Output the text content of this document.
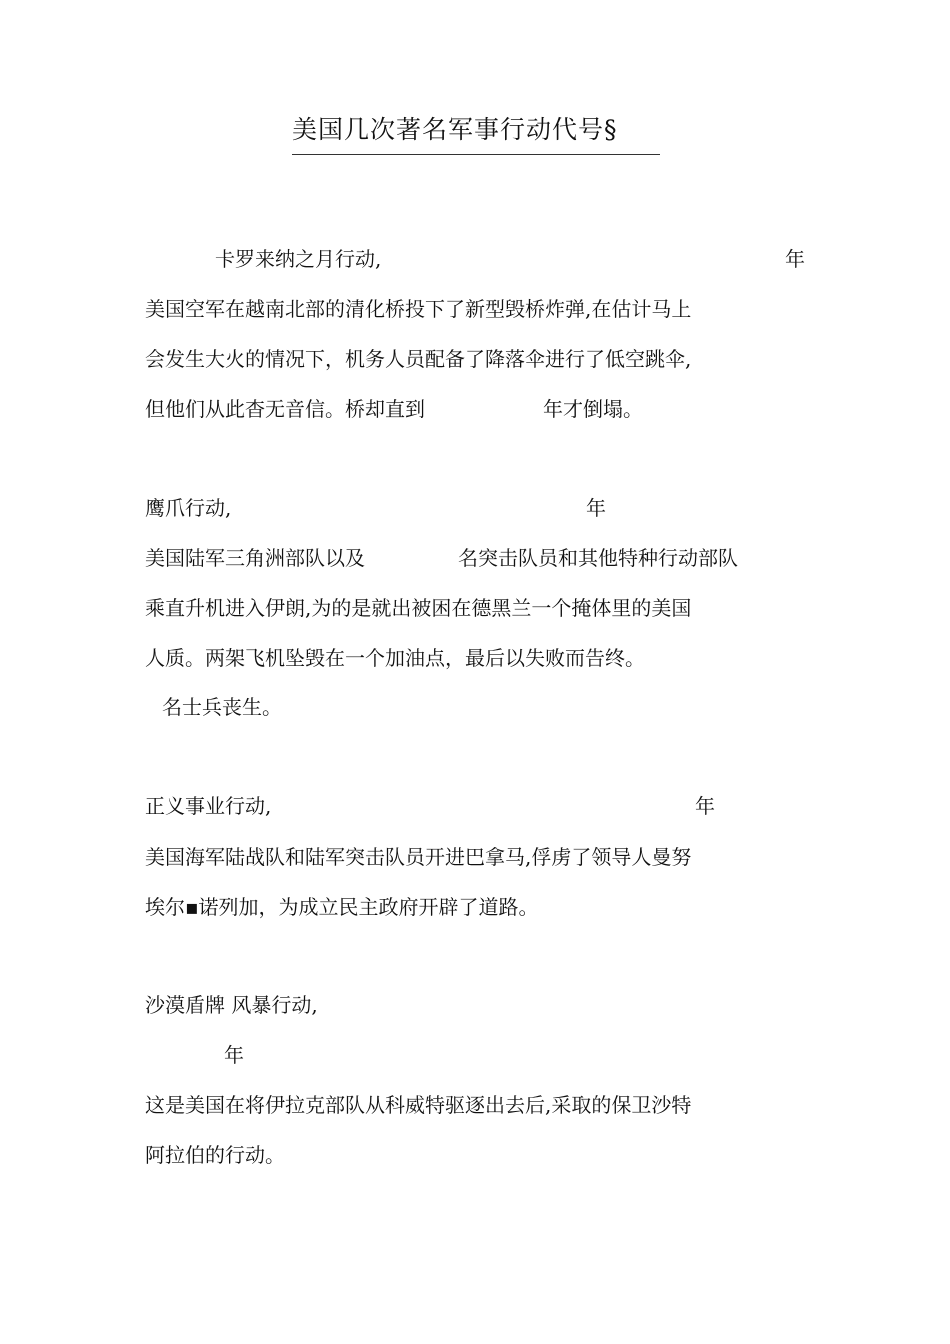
美国几次著名军事行动代号§
卡罗来纳之月行动,	年
美国空军在越南北部的清化桥投下了新型毁桥炸弹,在估计马上
会发生大火的情况下，机务人员配备了降落伞进行了低空跳伞,
但他们从此杳无音信。桥却直到	年才倒塌。
鹰爪行动,	年
美国陆军三角洲部队以及	名突击队员和其他特种行动部队
乘直升机进入伊朗,为的是就出被困在德黑兰一个掩体里的美国
人质。两架飞机坠毁在一个加油点，最后以失败而告终。
名士兵丧生。
正义事业行动,	年
美国海军陆战队和陆军突击队员开进巴拿马,俘虏了领导人曼努
埃尔▪诺列加，为成立民主政府开辟了道路。
沙漠盾牌 风暴行动,
年
这是美国在将伊拉克部队从科威特驱逐出去后,采取的保卫沙特
阿拉伯的行动。
